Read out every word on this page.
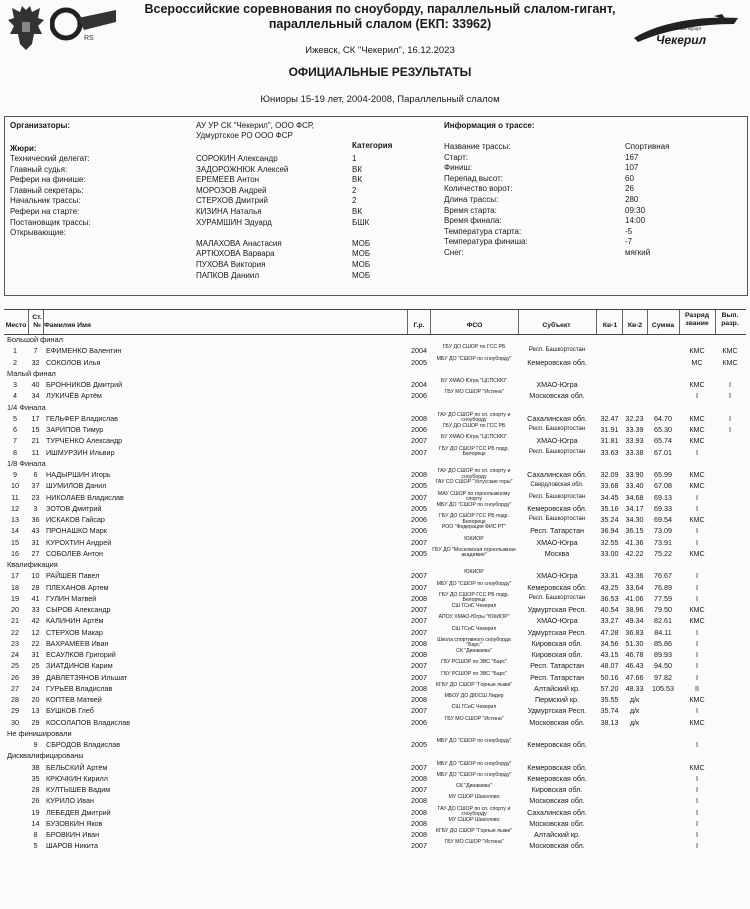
RS
Всероссийские соревнования по сноуборду, параллельный слалом-гигант,
параллельный слалом (ЕКП: 33962)
Ижевск, СК "Чекерил", 16.12.2023
ОФИЦИАЛЬНЫЕ РЕЗУЛЬТАТЫ
Юниоры 15-19 лет, 2004-2008, Параллельный слалом
спортивный курорт
Чекерил
Организаторы:	АУ УР СК "Чекерил", ООО ФСР,
Удмуртское РО ООО ФСР
Жюри:	Категория
Технический делегат:	СОРОКИН Александр	1
Главный судья:	ЗАДОРОЖНЮК Алексей	ВК
Рефери на финише:	ЕРЕМЕЕВ Антон	ВК
Главный секретарь:	МОРОЗОВ Андрей	2
Начальник трассы:	СТЕРХОВ Дмитрий	2
Рефери на старте:	КИЗИНА Наталья	ВК
Постановщик трассы:	ХУРАМШИН Эдуард	БШК
Открывающие:
МАЛАХОВА Анастасия	МОБ
АРТЮХОВА Варвара	МОБ
ПУХОВА Виктория	МОБ
ПАПКОВ Даниил	МОБ
Информация о трассе:
Название трассы:	Спортивная
Старт:	167
Финиш:	107
Перепад высот:	60
Количество ворот:	26
Длина трассы:	280
Время старта:	09:30
Время финала:	14:00
Температура старта:	-5
Температура финиша:	-7
Снег:	мягкий
Место
Ст. № Фамилия Имя	Г.р.	ФСО	Субъект	Кв-1	Кв-2	Сумма
Разряд звание
Вып. разр.
Большой финал
1	7	ЕФИМЕНКО Валентин	2004	ГБУ ДО СШОР по ГСС РБ	Респ. Башкортостан	КМС	КМС
2	32 СОКОЛОВ Илья	2005	МБУ ДО "СШОР по сноуборду"	Кемеровская обл.	МС	КМС
Малый финал
3	40 БРОННИКОВ Дмитрий	2004	БУ ХМАО-Югра "ЦСПСКЮ"	ХМАО-Югра	КМС	I
4	34 ЛУКИЧЁВ Артём	2006	ГБУ МО СШОР "Истина"	Московская обл.	I	I
1/4 Финала
5	17 ГЕЛЬФЕР Владислав	2008	ГАУ ДО СШОР по сп. спорту и сноуборду	Сахалинская обл.	32.47 32.23	64.70	КМС	I
6	15 ЗАРИПОВ Тимур	2006	ГБУ ДО СШОР по ГСС РБ	Респ. Башкортостан	31.91 33.39	65.30	КМС	I
7	21 ТУРЧЕНКО Александр	2007	БУ ХМАО-Югра "ЦСПСКЮ"	ХМАО-Югра	31.81 33.93	65.74	КМС
8	11 ИШМУРЗИН Ильвир	2007	ГБУ ДО СШОР ГСС РБ подр. Белорецк	Респ. Башкортостан	33.63 33.38	67.01	I
1/8 Финала
9	6	НАДЫРШИН Игорь	2008	ГАУ ДО СШОР по сп. спорту и сноуборду	Сахалинская обл.	32.09 33.90	65.99	КМС
10	37 ШУМИЛОВ Данил	2005	ГАУ СО СШОР "Уктусские горы"	Свердловская обл.	33.68 33.40	67.08	КМС
11	23 НИКОЛАЕВ Владислав	2007	МАУ СШОР по горнолыжному спорту	Респ. Башкортостан	34.45 34.68	69.13	I
12	3	ЗОТОВ Дмитрий	2005	МБУ ДО "СШОР по сноуборду"	Кемеровская обл.	35.16 34.17	69.33	I
13	36 ИСКАКОВ Гайсар	2006	ГБУ ДО СШОР ГСС РБ подр. Белорецк	Респ. Башкортостан	35.24 34.30	69.54	КМС
14	43 ПРОНАШКО Марк	2006	РОО "Федерация ФИС РТ"	Респ. Татарстан	36.94 36.15	73.09	I
15	31 КУРОХТИН Андрей	2007	ЮКИОР	ХМАО-Югра	32.55 41.36	73.91	I
16	27 СОБОЛЕВ Антон	2005	ГБУ ДО "Московская горнолыжная академия"	Москва	33.00 42.22	75.22	КМС
Квалификация
17	10 РАЙШЕВ Павел	2007	ЮКИОР	ХМАО-Югра	33.31 43.36	76.67	I
18	28 ПЛЕХАНОВ Артем	2007	МБУ ДО "СШОР по сноуборду"	Кемеровская обл.	43.25 33.64	76.89	I
19	41 ГУЛИН Матвей	2008	ГБУ ДО СШОР ГСС РБ подр. Белорецк	Респ. Башкортостан	36.53 41.06	77.59	I
20	33 СЫРОВ Александр	2007	СШ ГСиС Чекерил	Удмуртская Респ.	40.54 38.96	79.50	КМС
21	42 КАЛИНИН Артём	2007	АПОУ ХМАО-Югры "ЮКИОР"	ХМАО-Югра	33.27 49.34	82.61	КМС
22	12 СТЕРХОВ Макар	2007	СШ ГСиС Чекерил	Удмуртская Респ.	47.28 36.83	84.11	I
23	22 ВАХРАМЕЕВ Иван	2008	Школа спортивного сноуборда "Барс"	Кировская обл.	34.56 51.30	85.86	I
24	31 ЕСАУЛКОВ Григорий	2008	СК "Динамика"	Кировская обл.	43.15 46.78	89.93	I
25	25 ЗИАТДИНОВ Карим	2007	ГБУ РСШОР по ЗВС "Барс"	Респ. Татарстан	48.07 46.43	94.50	I
26	39 ДАВЛЕТЗЯНОВ Ильшат	2007	ГБУ РСШОР по ЗВС "Барс"	Респ. Татарстан	50.16 47.66	97.82	I
27	24 ГУРЬЕВ Владислав	2008	КГБУ ДО СШОР "Горные лыжи"	Алтайский кр.	57.20 48.33	105.53	II
28	20 КОПТЕВ Матвей	2008	МБОУ ДО ДЮСШ Лидер	Пермский кр.	35.55	д/к	КМС
29	13 БУШКОВ Глеб	2007	СШ ГСиС Чекерил	Удмуртская Респ.	35.74	д/к	I
30	29 КОСОЛАПОВ Владислав	2006	ГБУ МО СШОР "Истина"	Московская обл.	38.13	д/к	КМС
Не финишировали
9	СБРОДОВ Владислав	2005	МБУ ДО "СШОР по сноуборду"	Кемеровская обл.	I
Дисквалифицированы
38 БЕЛЬСКИЙ Артём	2007	МБУ ДО "СШОР по сноуборду"	Кемеровская обл.	КМС
35 КРЮЧКИН Кирилл	2008	МБУ ДО "СШОР по сноуборду"	Кемеровская обл.	I
28 КУЛТЫШЕВ Вадим	2007	СК "Динамика"	Кировская обл.	I
26 КУРИЛО Иван	2008	МУ СШОР Шахолово	Московская обл.	I
19 ЛЕБЕДЕВ Дмитрий	2008	ГАУ ДО СШОР по сп. спорту и сноуборду	Сахалинская обл.	I
14 БУЗОВКИН Яков	2008	МУ СШОР Шахолово	Московская обл.	I
8	БРОВКИН Иван	2008	КГБУ ДО СШОР "Горные лыжи"	Алтайский кр.	I
5	ШАРОВ Никита	2007	ГБУ МО СШОР "Истина"	Московская обл.	I
